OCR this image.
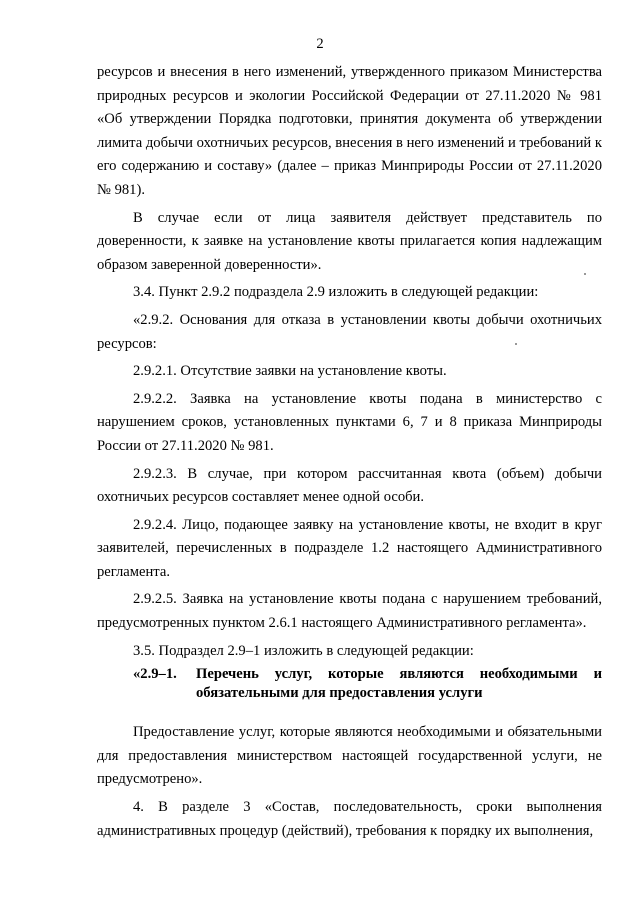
2

ресурсов и внесения в него изменений, утвержденного приказом Министерства природных ресурсов и экологии Российской Федерации от 27.11.2020 № 981 «Об утверждении Порядка подготовки, принятия документа об утверждении лимита добычи охотничьих ресурсов, внесения в него изменений и требований к его содержанию и составу» (далее – приказ Минприроды России от 27.11.2020 № 981).

В случае если от лица заявителя действует представитель по доверенности, к заявке на установление квоты прилагается копия надлежащим образом заверенной доверенности».

3.4. Пункт 2.9.2 подраздела 2.9 изложить в следующей редакции:

«2.9.2. Основания для отказа в установлении квоты добычи охотничьих ресурсов:

2.9.2.1. Отсутствие заявки на установление квоты.

2.9.2.2. Заявка на установление квоты подана в министерство с нарушением сроков, установленных пунктами 6, 7 и 8 приказа Минприроды России от 27.11.2020 № 981.

2.9.2.3. В случае, при котором рассчитанная квота (объем) добычи охотничьих ресурсов составляет менее одной особи.

2.9.2.4. Лицо, подающее заявку на установление квоты, не входит в круг заявителей, перечисленных в подразделе 1.2 настоящего Административного регламента.

2.9.2.5. Заявка на установление квоты подана с нарушением требований, предусмотренных пунктом 2.6.1 настоящего Административного регламента».

3.5. Подраздел 2.9–1 изложить в следующей редакции:

«2.9–1.	Перечень услуг, которые являются необходимыми и обязательными для предоставления услуги

Предоставление услуг, которые являются необходимыми и обязательными для предоставления министерством настоящей государственной услуги, не предусмотрено».

4. В разделе 3 «Состав, последовательность, сроки выполнения административных процедур (действий), требования к порядку их выполнения,
